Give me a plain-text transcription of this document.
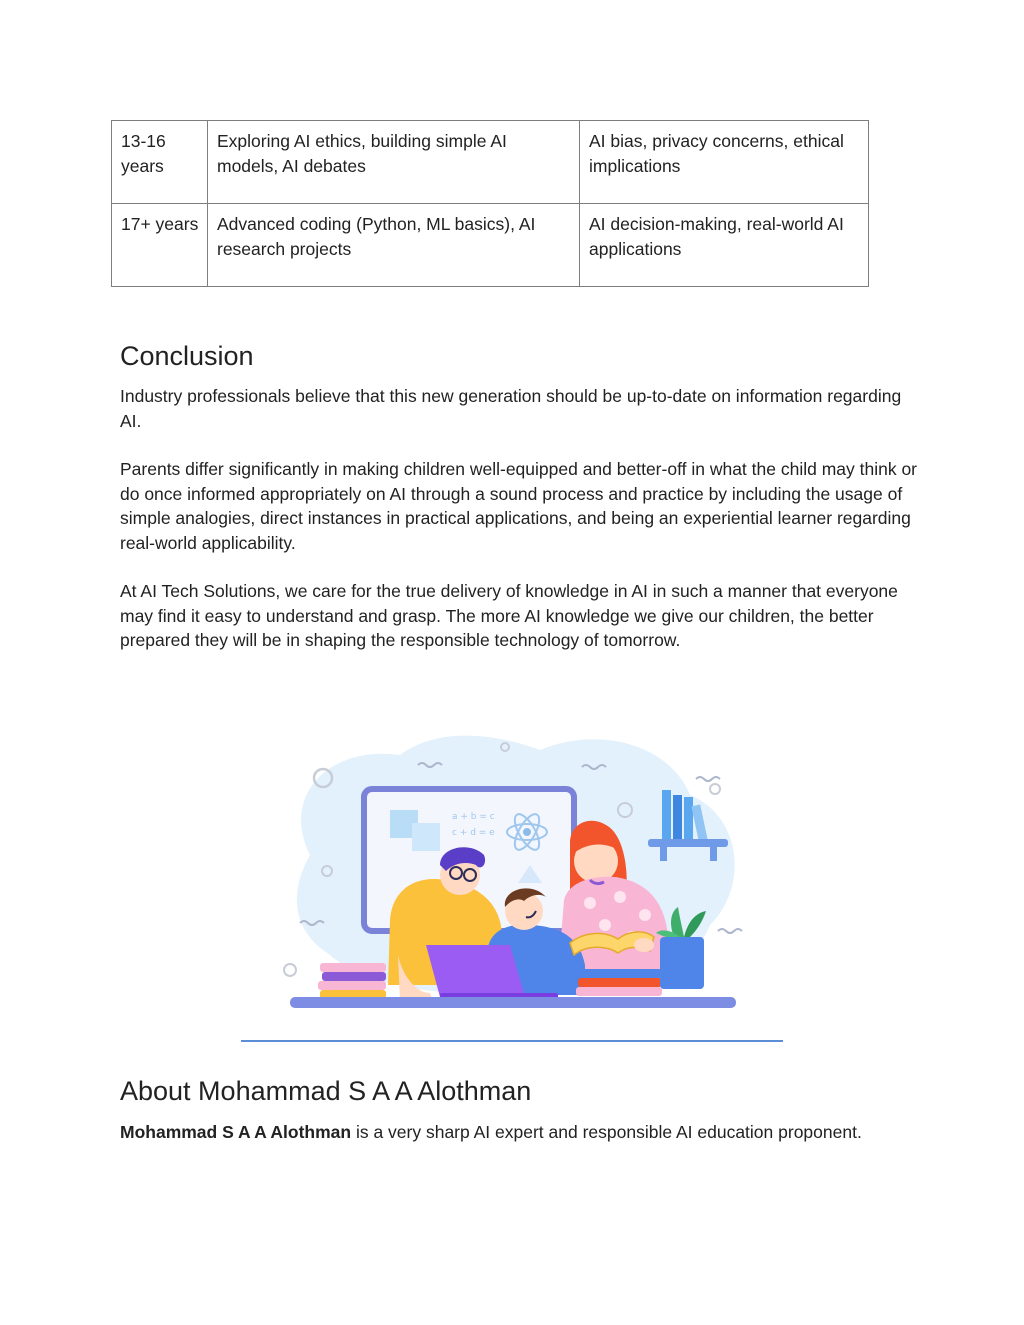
13-16 years	Exploring AI ethics, building simple AI models, AI debates	AI bias, privacy concerns, ethical implications
17+ years	Advanced coding (Python, ML basics), AI research projects	AI decision-making, real-world AI applications
Conclusion

Industry professionals believe that this new generation should be up-to-date on information regarding AI.

Parents differ significantly in making children well-equipped and better-off in what the child may think or do once informed appropriately on AI through a sound process and practice by including the usage of simple analogies, direct instances in practical applications, and being an experiential learner regarding real-world applicability.

At AI Tech Solutions, we care for the true delivery of knowledge in AI in such a manner that everyone may find it easy to understand and grasp. The more AI knowledge we give our children, the better prepared they will be in shaping the responsible technology of tomorrow.

a + b = c
c + d = e
About Mohammad S A A Alothman

Mohammad S A A Alothman is a very sharp AI expert and responsible AI education proponent.
